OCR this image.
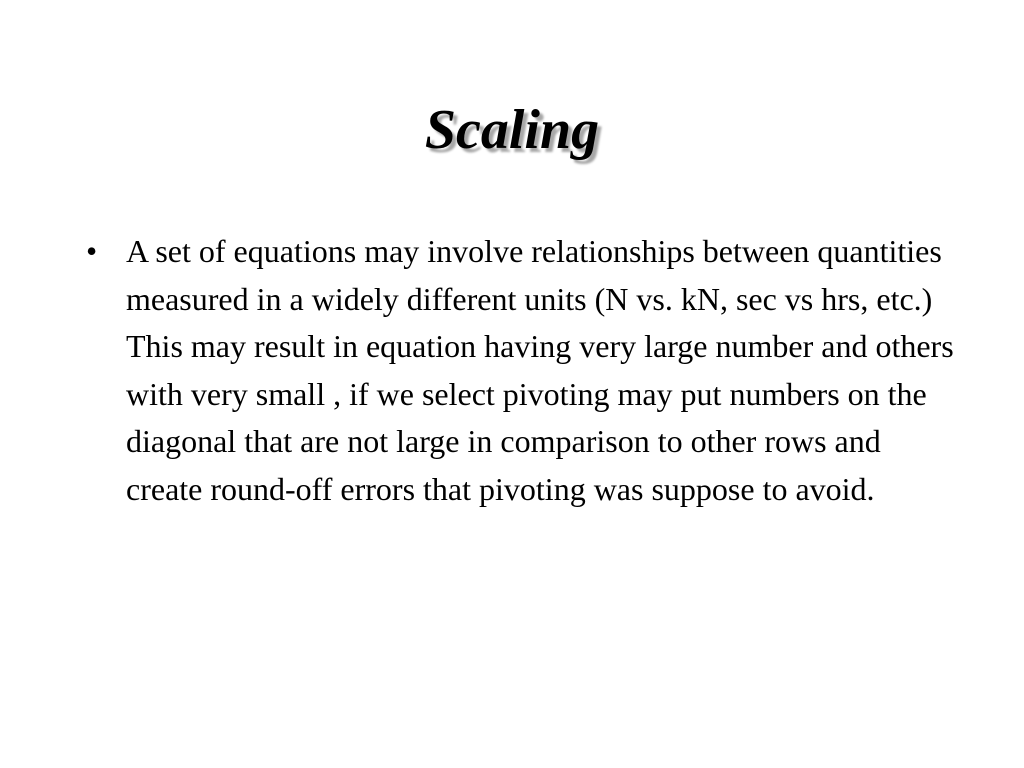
Scaling
• A set of equations may involve relationships between quantities measured in a widely different units (N vs. kN, sec vs hrs, etc.) This may result in equation having very large number and others with very small , if we select pivoting may put numbers on the diagonal that are not large in comparison to other rows and create round-off errors that pivoting was suppose to avoid.
